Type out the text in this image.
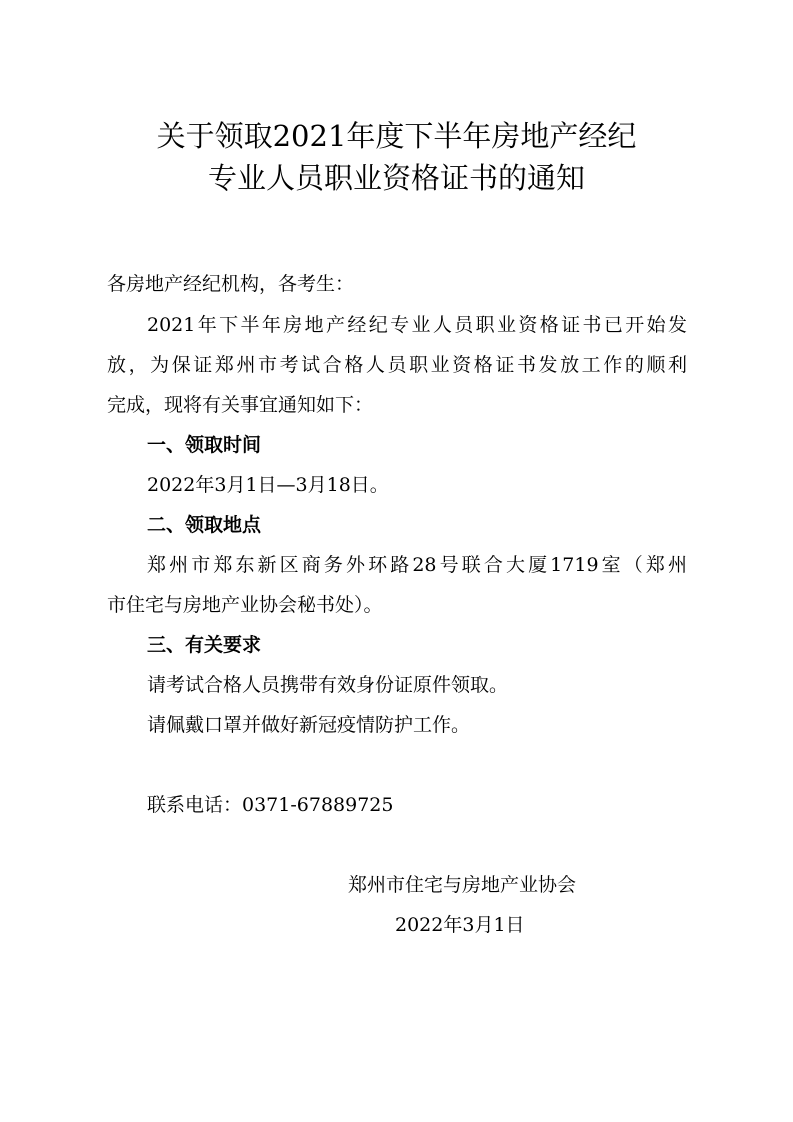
关于领取2021年度下半年房地产经纪
专业人员职业资格证书的通知
各房地产经纪机构，各考生：
2021年下半年房地产经纪专业人员职业资格证书已开始发
放，为保证郑州市考试合格人员职业资格证书发放工作的顺利
完成，现将有关事宜通知如下：
一、领取时间
2022年3月1日—3月18日。
二、领取地点
郑州市郑东新区商务外环路28号联合大厦1719室（郑州
市住宅与房地产业协会秘书处）。
三、有关要求
请考试合格人员携带有效身份证原件领取。
请佩戴口罩并做好新冠疫情防护工作。
联系电话：0371-67889725
郑州市住宅与房地产业协会
2022年3月1日
